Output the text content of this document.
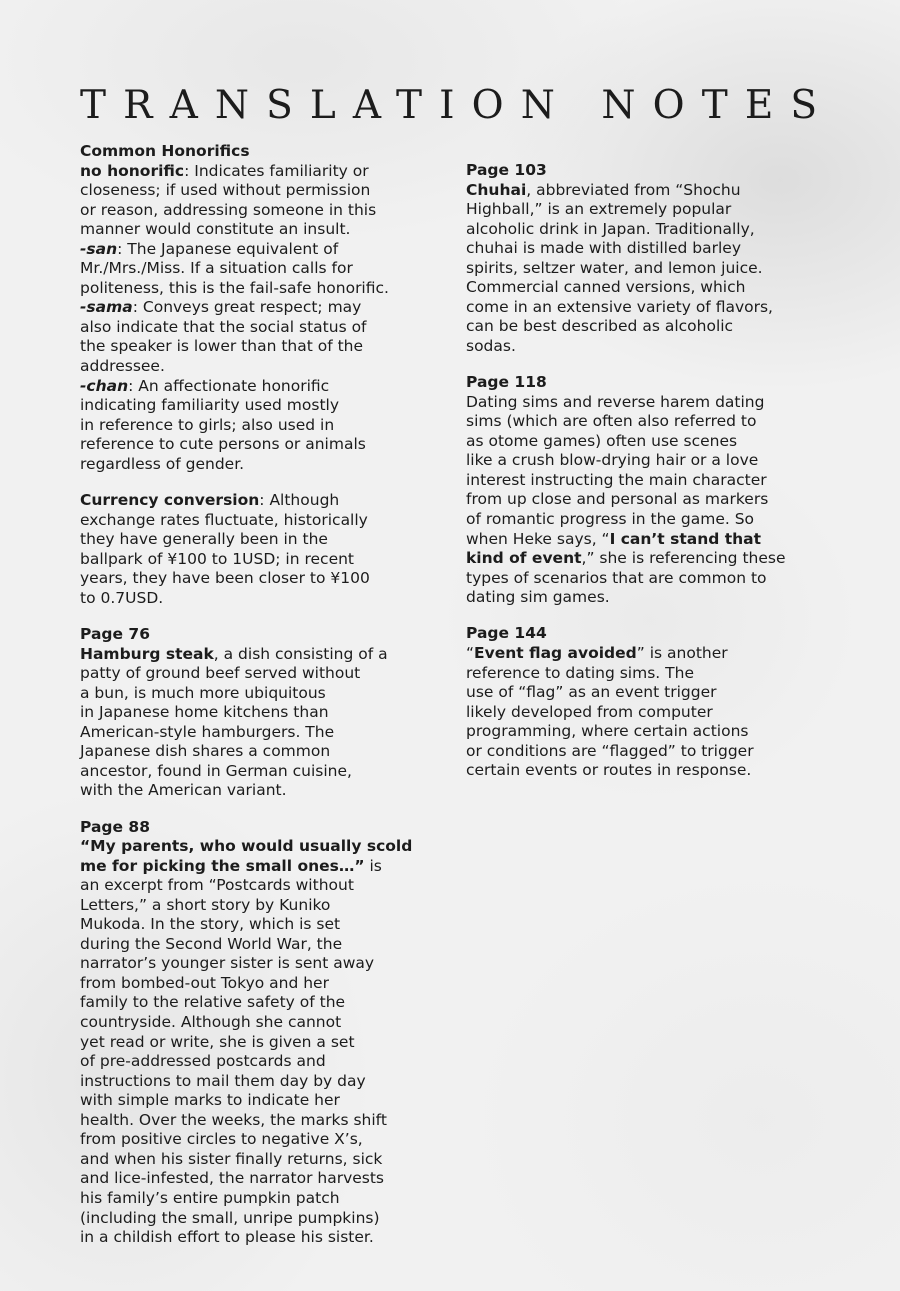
TRANSLATION NOTES
Common Honorifics
no honorific: Indicates familiarity or
closeness; if used without permission
or reason, addressing someone in this
manner would constitute an insult.
-san: The Japanese equivalent of
Mr./Mrs./Miss. If a situation calls for
politeness, this is the fail-safe honorific.
-sama: Conveys great respect; may
also indicate that the social status of
the speaker is lower than that of the
addressee.
-chan: An affectionate honorific
indicating familiarity used mostly
in reference to girls; also used in
reference to cute persons or animals
regardless of gender.
Currency conversion: Although
exchange rates fluctuate, historically
they have generally been in the
ballpark of ¥100 to 1USD; in recent
years, they have been closer to ¥100
to 0.7USD.
Page 76
Hamburg steak, a dish consisting of a
patty of ground beef served without
a bun, is much more ubiquitous
in Japanese home kitchens than
American-style hamburgers. The
Japanese dish shares a common
ancestor, found in German cuisine,
with the American variant.
Page 88
“My parents, who would usually scold
me for picking the small ones…” is
an excerpt from “Postcards without
Letters,” a short story by Kuniko
Mukoda. In the story, which is set
during the Second World War, the
narrator’s younger sister is sent away
from bombed-out Tokyo and her
family to the relative safety of the
countryside. Although she cannot
yet read or write, she is given a set
of pre-addressed postcards and
instructions to mail them day by day
with simple marks to indicate her
health. Over the weeks, the marks shift
from positive circles to negative X’s,
and when his sister finally returns, sick
and lice-infested, the narrator harvests
his family’s entire pumpkin patch
(including the small, unripe pumpkins)
in a childish effort to please his sister.
Page 103
Chuhai, abbreviated from “Shochu
Highball,” is an extremely popular
alcoholic drink in Japan. Traditionally,
chuhai is made with distilled barley
spirits, seltzer water, and lemon juice.
Commercial canned versions, which
come in an extensive variety of flavors,
can be best described as alcoholic
sodas.
Page 118
Dating sims and reverse harem dating
sims (which are often also referred to
as otome games) often use scenes
like a crush blow-drying hair or a love
interest instructing the main character
from up close and personal as markers
of romantic progress in the game. So
when Heke says, “I can’t stand that
kind of event,” she is referencing these
types of scenarios that are common to
dating sim games.
Page 144
“Event flag avoided” is another
reference to dating sims. The
use of “flag” as an event trigger
likely developed from computer
programming, where certain actions
or conditions are “flagged” to trigger
certain events or routes in response.
